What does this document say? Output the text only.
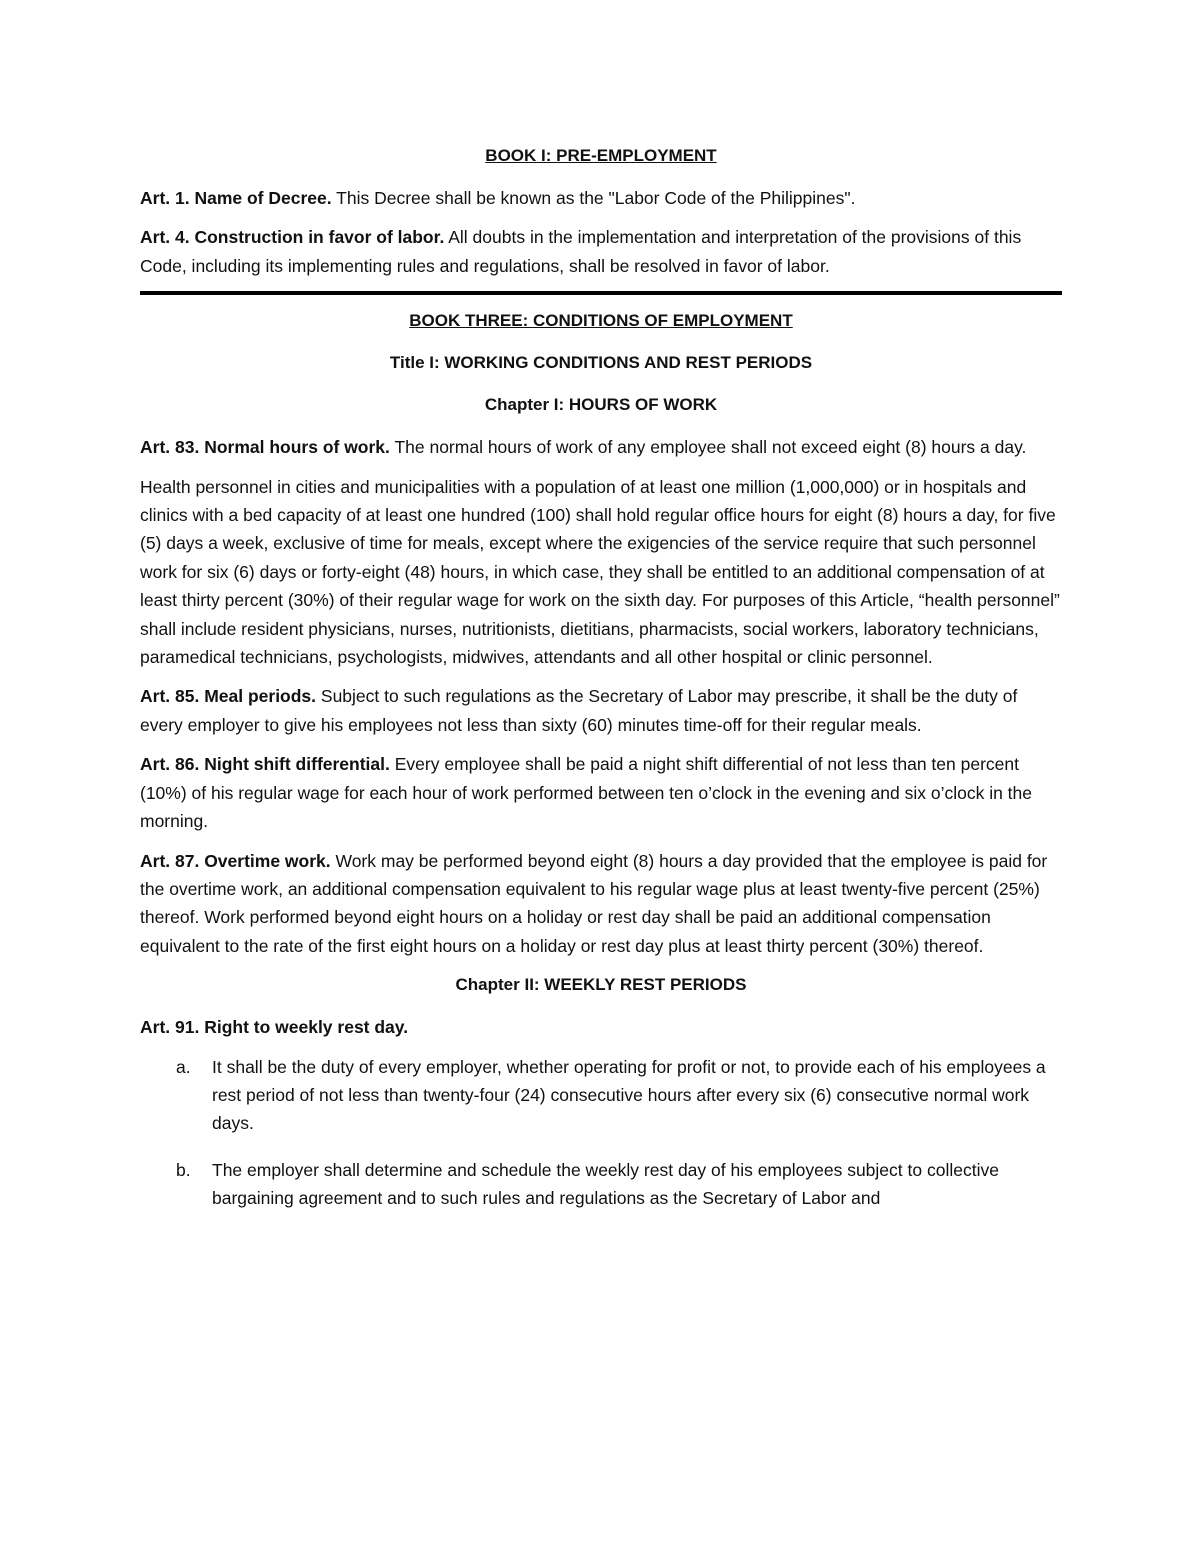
BOOK I: PRE-EMPLOYMENT

Art. 1. Name of Decree. This Decree shall be known as the "Labor Code of the Philippines".

Art. 4. Construction in favor of labor. All doubts in the implementation and interpretation of the provisions of this Code, including its implementing rules and regulations, shall be resolved in favor of labor.

BOOK THREE: CONDITIONS OF EMPLOYMENT
Title I: WORKING CONDITIONS AND REST PERIODS
Chapter I: HOURS OF WORK

Art. 83. Normal hours of work. The normal hours of work of any employee shall not exceed eight (8) hours a day.

Health personnel in cities and municipalities with a population of at least one million (1,000,000) or in hospitals and clinics with a bed capacity of at least one hundred (100) shall hold regular office hours for eight (8) hours a day, for five (5) days a week, exclusive of time for meals, except where the exigencies of the service require that such personnel work for six (6) days or forty-eight (48) hours, in which case, they shall be entitled to an additional compensation of at least thirty percent (30%) of their regular wage for work on the sixth day. For purposes of this Article, “health personnel” shall include resident physicians, nurses, nutritionists, dietitians, pharmacists, social workers, laboratory technicians, paramedical technicians, psychologists, midwives, attendants and all other hospital or clinic personnel.

Art. 85. Meal periods. Subject to such regulations as the Secretary of Labor may prescribe, it shall be the duty of every employer to give his employees not less than sixty (60) minutes time-off for their regular meals.

Art. 86. Night shift differential. Every employee shall be paid a night shift differential of not less than ten percent (10%) of his regular wage for each hour of work performed between ten o’clock in the evening and six o’clock in the morning.

Art. 87. Overtime work. Work may be performed beyond eight (8) hours a day provided that the employee is paid for the overtime work, an additional compensation equivalent to his regular wage plus at least twenty-five percent (25%) thereof. Work performed beyond eight hours on a holiday or rest day shall be paid an additional compensation equivalent to the rate of the first eight hours on a holiday or rest day plus at least thirty percent (30%) thereof.

Chapter II: WEEKLY REST PERIODS

Art. 91. Right to weekly rest day.

a. It shall be the duty of every employer, whether operating for profit or not, to provide each of his employees a rest period of not less than twenty-four (24) consecutive hours after every six (6) consecutive normal work days.
b. The employer shall determine and schedule the weekly rest day of his employees subject to collective bargaining agreement and to such rules and regulations as the Secretary of Labor and
